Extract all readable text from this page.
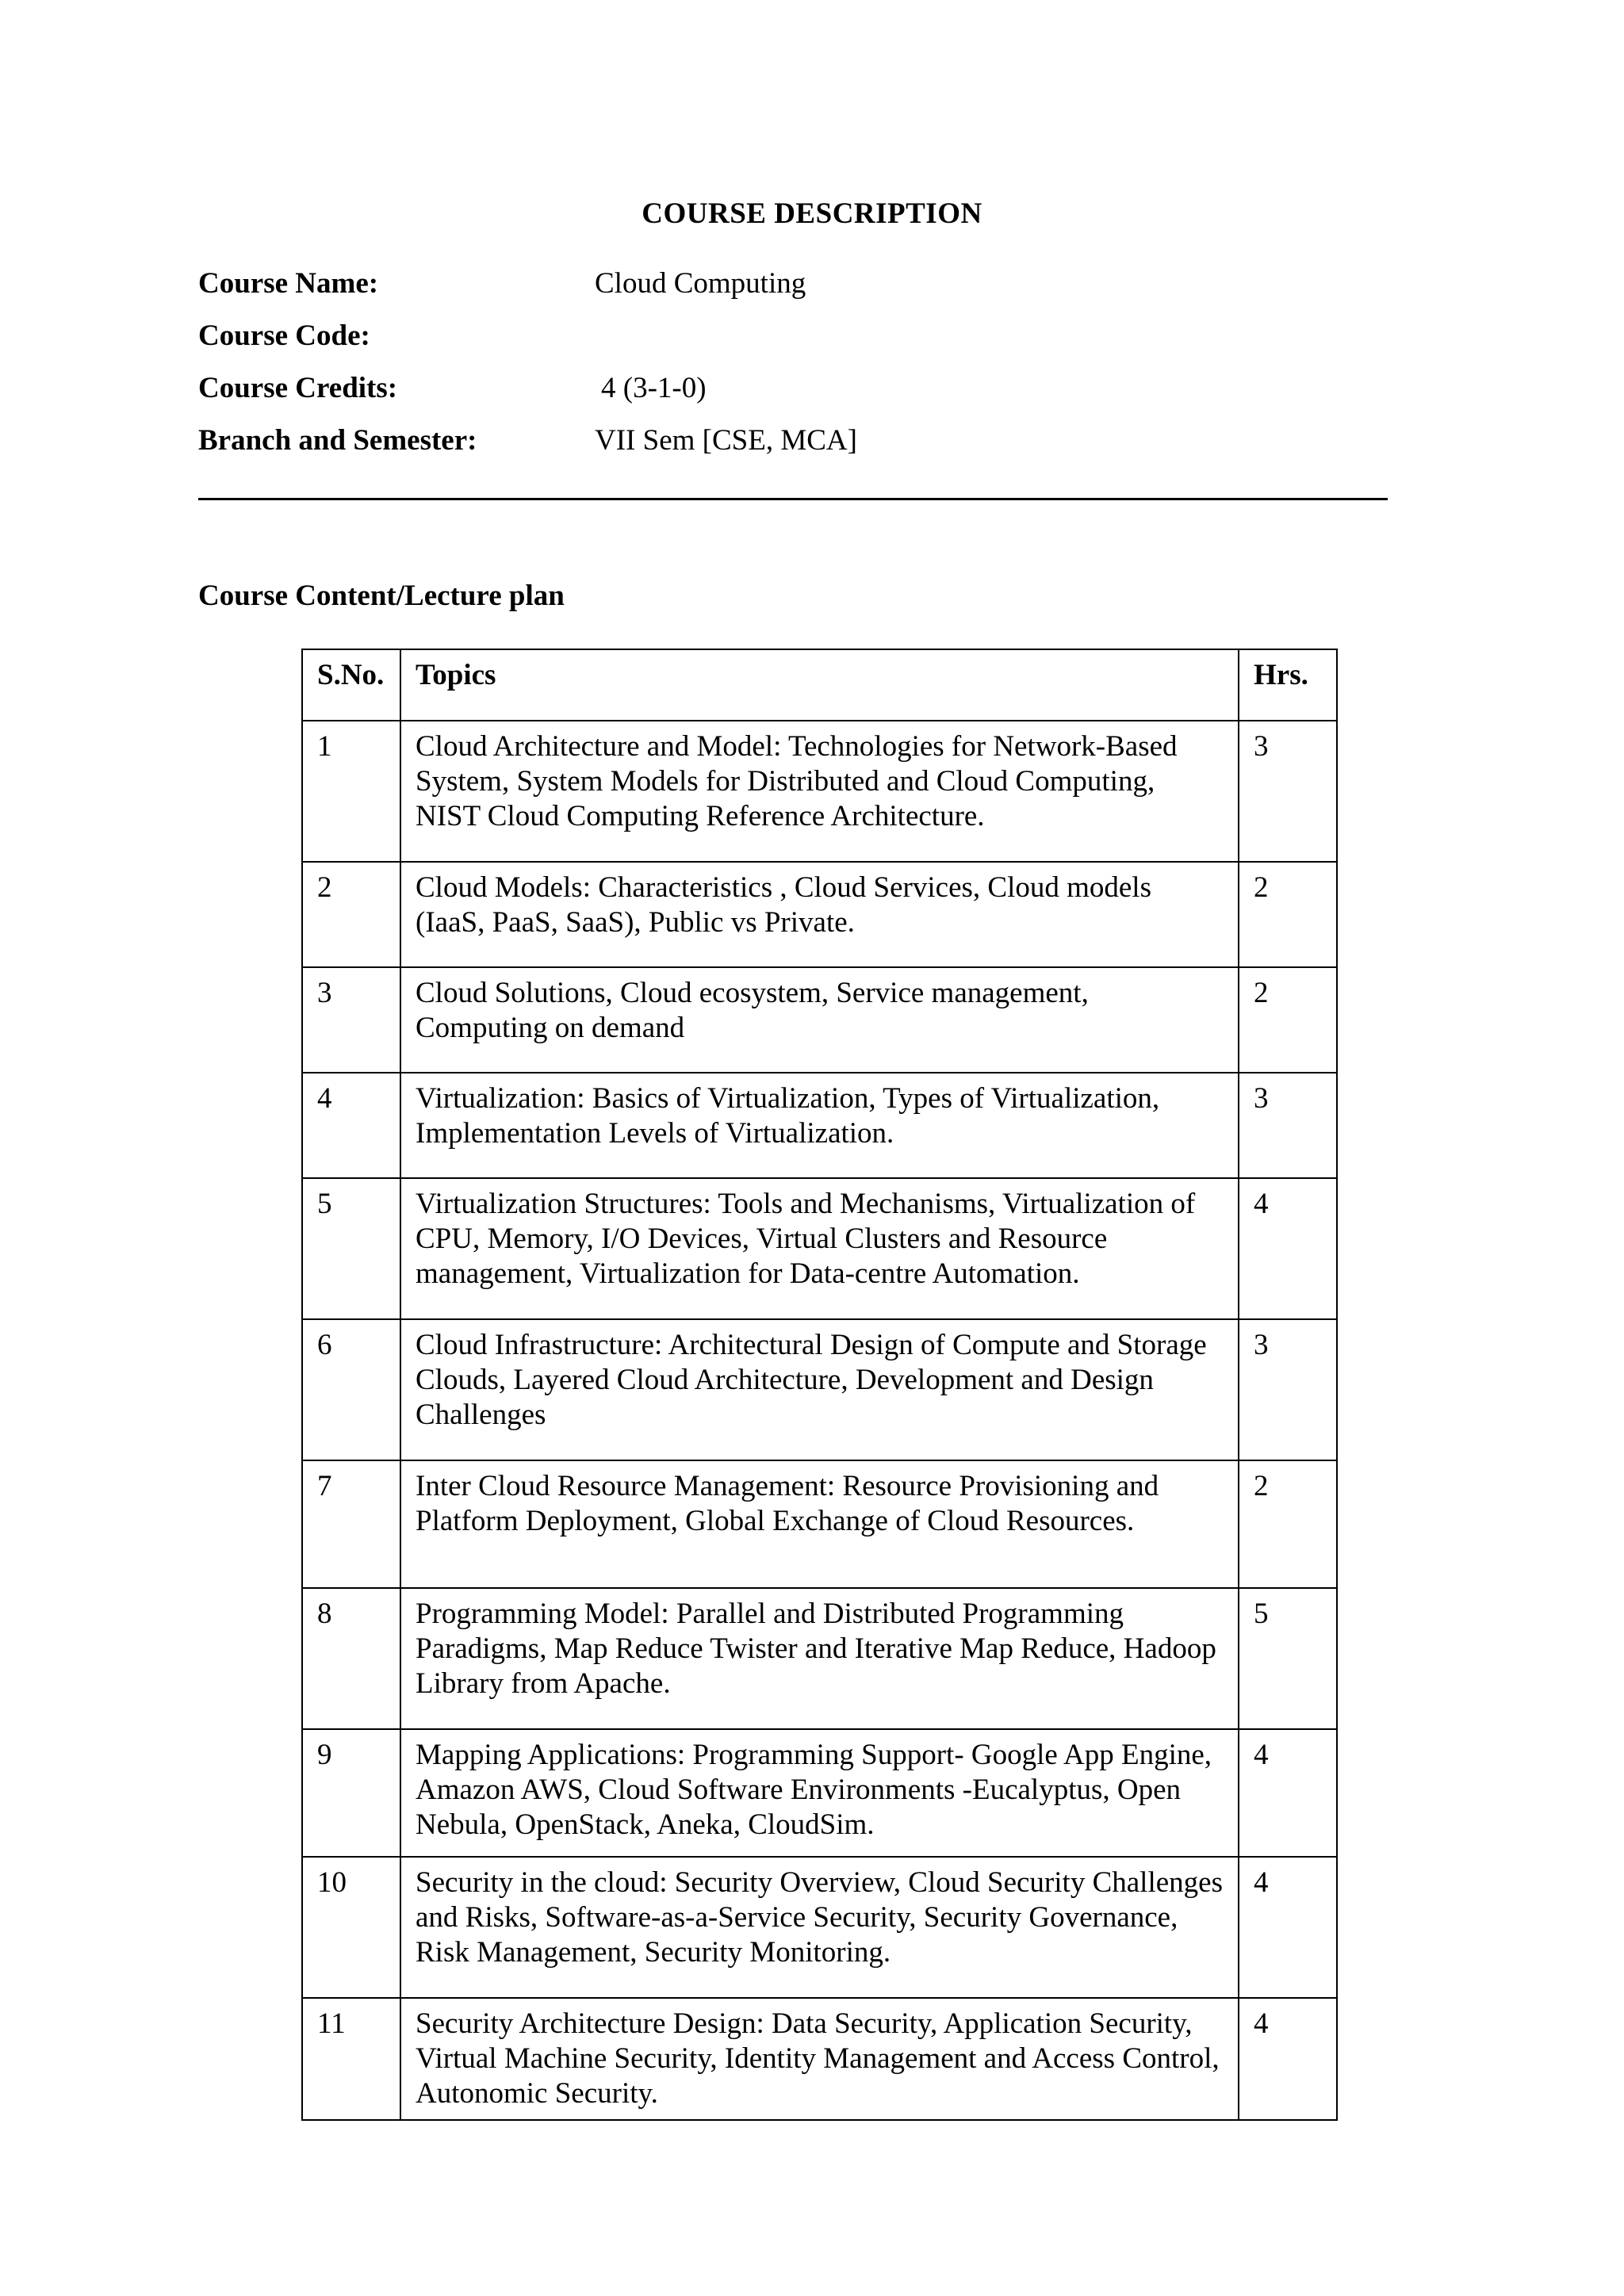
COURSE DESCRIPTION
Course Name:	Cloud Computing
Course Code:
Course Credits:	4 (3-1-0)
Branch and Semester:	VII Sem [CSE, MCA]
Course Content/Lecture plan
S.No.	Topics	Hrs.
1	Cloud Architecture and Model: Technologies for Network-Based System, System Models for Distributed and Cloud Computing, NIST Cloud Computing Reference Architecture.	3
2	Cloud Models: Characteristics , Cloud Services, Cloud models (IaaS, PaaS, SaaS), Public vs Private.	2
3	Cloud Solutions, Cloud ecosystem, Service management, Computing on demand	2
4	Virtualization: Basics of Virtualization, Types of Virtualization, Implementation Levels of Virtualization.	3
5	Virtualization Structures: Tools and Mechanisms, Virtualization of CPU, Memory, I/O Devices, Virtual Clusters and Resource management, Virtualization for Data-centre Automation.	4
6	Cloud Infrastructure: Architectural Design of Compute and Storage Clouds, Layered Cloud Architecture, Development and Design Challenges	3
7	Inter Cloud Resource Management: Resource Provisioning and Platform Deployment, Global Exchange of Cloud Resources.	2
8	Programming Model: Parallel and Distributed Programming Paradigms, Map Reduce Twister and Iterative Map Reduce, Hadoop Library from Apache.	5
9	Mapping Applications: Programming Support- Google App Engine, Amazon AWS, Cloud Software Environments -Eucalyptus, Open Nebula, OpenStack, Aneka, CloudSim.	4
10	Security in the cloud: Security Overview, Cloud Security Challenges and Risks, Software-as-a-Service Security, Security Governance, Risk Management, Security Monitoring.	4
11	Security Architecture Design: Data Security, Application Security, Virtual Machine Security, Identity Management and Access Control, Autonomic Security.	4
